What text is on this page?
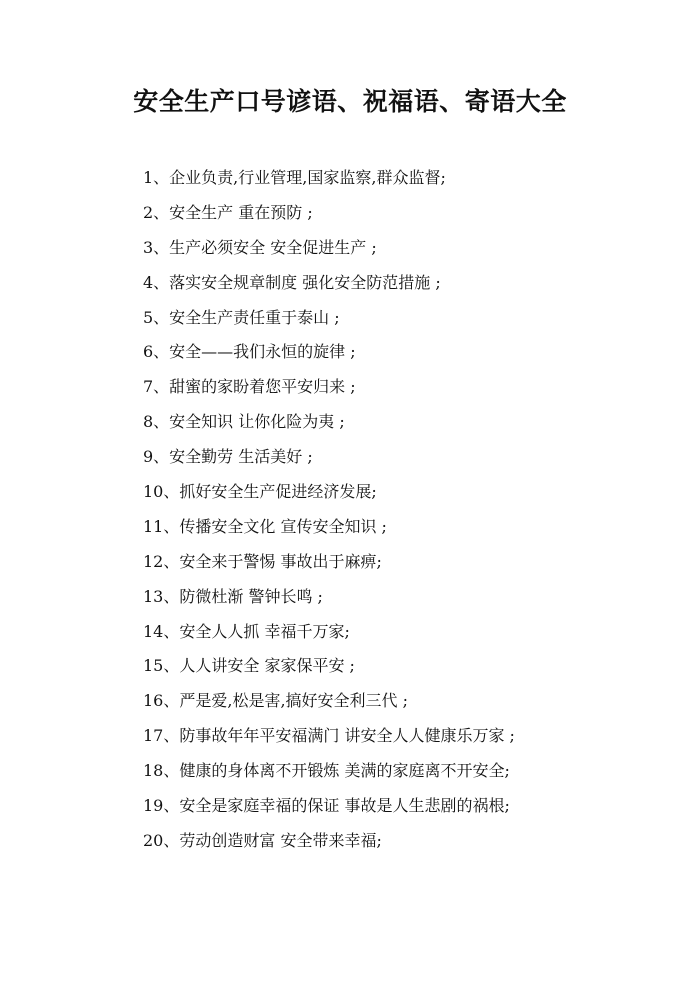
安全生产口号谚语、祝福语、寄语大全
1、企业负责,行业管理,国家监察,群众监督;
2、安全生产 重在预防 ;
3、生产必须安全 安全促进生产 ;
4、落实安全规章制度 强化安全防范措施 ;
5、安全生产责任重于泰山 ;
6、安全——我们永恒的旋律 ;
7、甜蜜的家盼着您平安归来 ;
8、安全知识 让你化险为夷 ;
9、安全勤劳 生活美好 ;
10、抓好安全生产促进经济发展;
11、传播安全文化 宣传安全知识 ;
12、安全来于警惕 事故出于麻痹;
13、防微杜渐 警钟长鸣 ;
14、安全人人抓 幸福千万家;
15、人人讲安全 家家保平安 ;
16、严是爱,松是害,搞好安全利三代 ;
17、防事故年年平安福满门 讲安全人人健康乐万家 ;
18、健康的身体离不开锻炼 美满的家庭离不开安全;
19、安全是家庭幸福的保证 事故是人生悲剧的祸根;
20、劳动创造财富 安全带来幸福;
